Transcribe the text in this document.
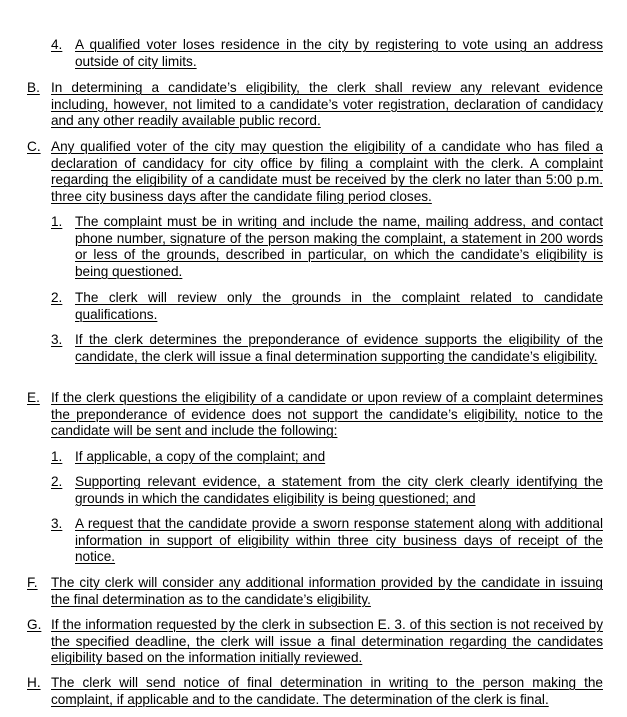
4. A qualified voter loses residence in the city by registering to vote using an address outside of city limits.
B. In determining a candidate’s eligibility, the clerk shall review any relevant evidence including, however, not limited to a candidate’s voter registration, declaration of candidacy and any other readily available public record.
C. Any qualified voter of the city may question the eligibility of a candidate who has filed a declaration of candidacy for city office by filing a complaint with the clerk. A complaint regarding the eligibility of a candidate must be received by the clerk no later than 5:00 p.m. three city business days after the candidate filing period closes.
1. The complaint must be in writing and include the name, mailing address, and contact phone number, signature of the person making the complaint, a statement in 200 words or less of the grounds, described in particular, on which the candidate’s eligibility is being questioned.
2. The clerk will review only the grounds in the complaint related to candidate qualifications.
3. If the clerk determines the preponderance of evidence supports the eligibility of the candidate, the clerk will issue a final determination supporting the candidate’s eligibility.
E. If the clerk questions the eligibility of a candidate or upon review of a complaint determines the preponderance of evidence does not support the candidate’s eligibility, notice to the candidate will be sent and include the following:
1. If applicable, a copy of the complaint; and
2. Supporting relevant evidence, a statement from the city clerk clearly identifying the grounds in which the candidates eligibility is being questioned; and
3. A request that the candidate provide a sworn response statement along with additional information in support of eligibility within three city business days of receipt of the notice.
F. The city clerk will consider any additional information provided by the candidate in issuing the final determination as to the candidate’s eligibility.
G. If the information requested by the clerk in subsection E. 3. of this section is not received by the specified deadline, the clerk will issue a final determination regarding the candidates eligibility based on the information initially reviewed.
H. The clerk will send notice of final determination in writing to the person making the complaint, if applicable and to the candidate. The determination of the clerk is final.
